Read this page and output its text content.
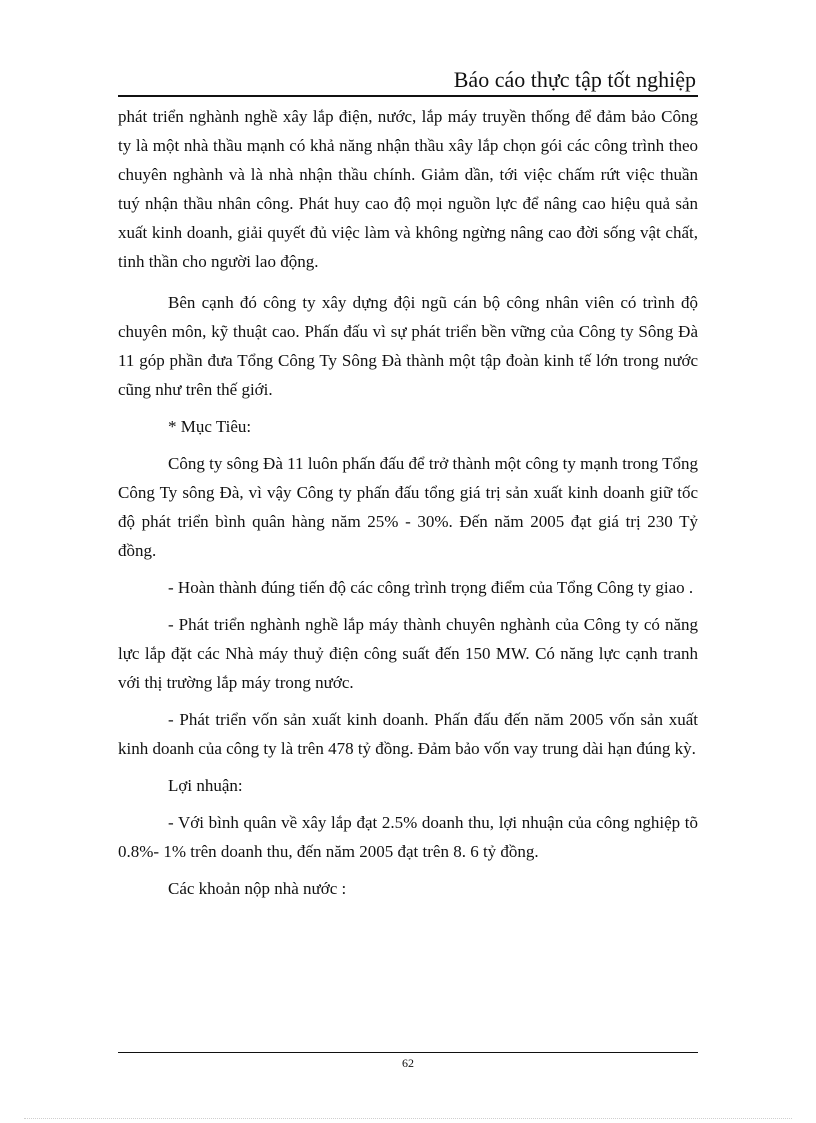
Báo cáo thực tập tốt nghiệp

phát triển nghành nghề xây lắp điện, nước, lắp máy truyền thống để đảm bảo Công ty là một nhà thầu mạnh có khả năng nhận thầu xây lắp chọn gói các công trình theo chuyên nghành và là nhà nhận thầu chính. Giảm dần, tới việc chấm rứt việc thuần tuý nhận thầu nhân công. Phát huy cao độ mọi nguồn lực để nâng cao hiệu quả sản xuất kinh doanh, giải quyết đủ việc làm và không ngừng nâng cao đời sống vật chất, tinh thần cho người lao động.

Bên cạnh đó công ty xây dựng đội ngũ cán bộ công nhân viên có trình độ chuyên môn, kỹ thuật cao. Phấn đấu vì sự phát triển bền vững của Công ty Sông Đà 11 góp phần đưa Tổng Công Ty Sông Đà thành một tập đoàn kinh tế lớn trong nước cũng như trên thế giới.

* Mục Tiêu:

Công ty sông Đà 11 luôn phấn đấu để trở thành một công ty mạnh trong Tổng Công Ty sông Đà, vì vậy Công ty phấn đấu tổng giá trị sản xuất kinh doanh giữ tốc độ phát triển bình quân hàng năm 25% - 30%. Đến năm 2005 đạt giá trị 230 Tỷ đồng.

- Hoàn thành đúng tiến độ các công trình trọng điểm của Tổng Công ty giao .

- Phát triển nghành nghề lắp máy thành chuyên nghành của Công ty có năng lực lắp đặt các Nhà máy thuỷ điện công suất đến 150 MW. Có năng lực cạnh tranh với thị trường lắp máy trong nước.

- Phát triển vốn sản xuất kinh doanh. Phấn đấu đến năm 2005 vốn sản xuất kinh doanh của công ty là trên 478 tỷ đồng. Đảm bảo vốn vay trung dài hạn đúng kỳ.

Lợi nhuận:

- Với bình quân về xây lắp đạt 2.5% doanh thu, lợi nhuận của công nghiệp tõ 0.8%- 1% trên doanh thu, đến năm 2005 đạt trên 8. 6 tỷ đồng.

Các khoản nộp nhà nước :

62
